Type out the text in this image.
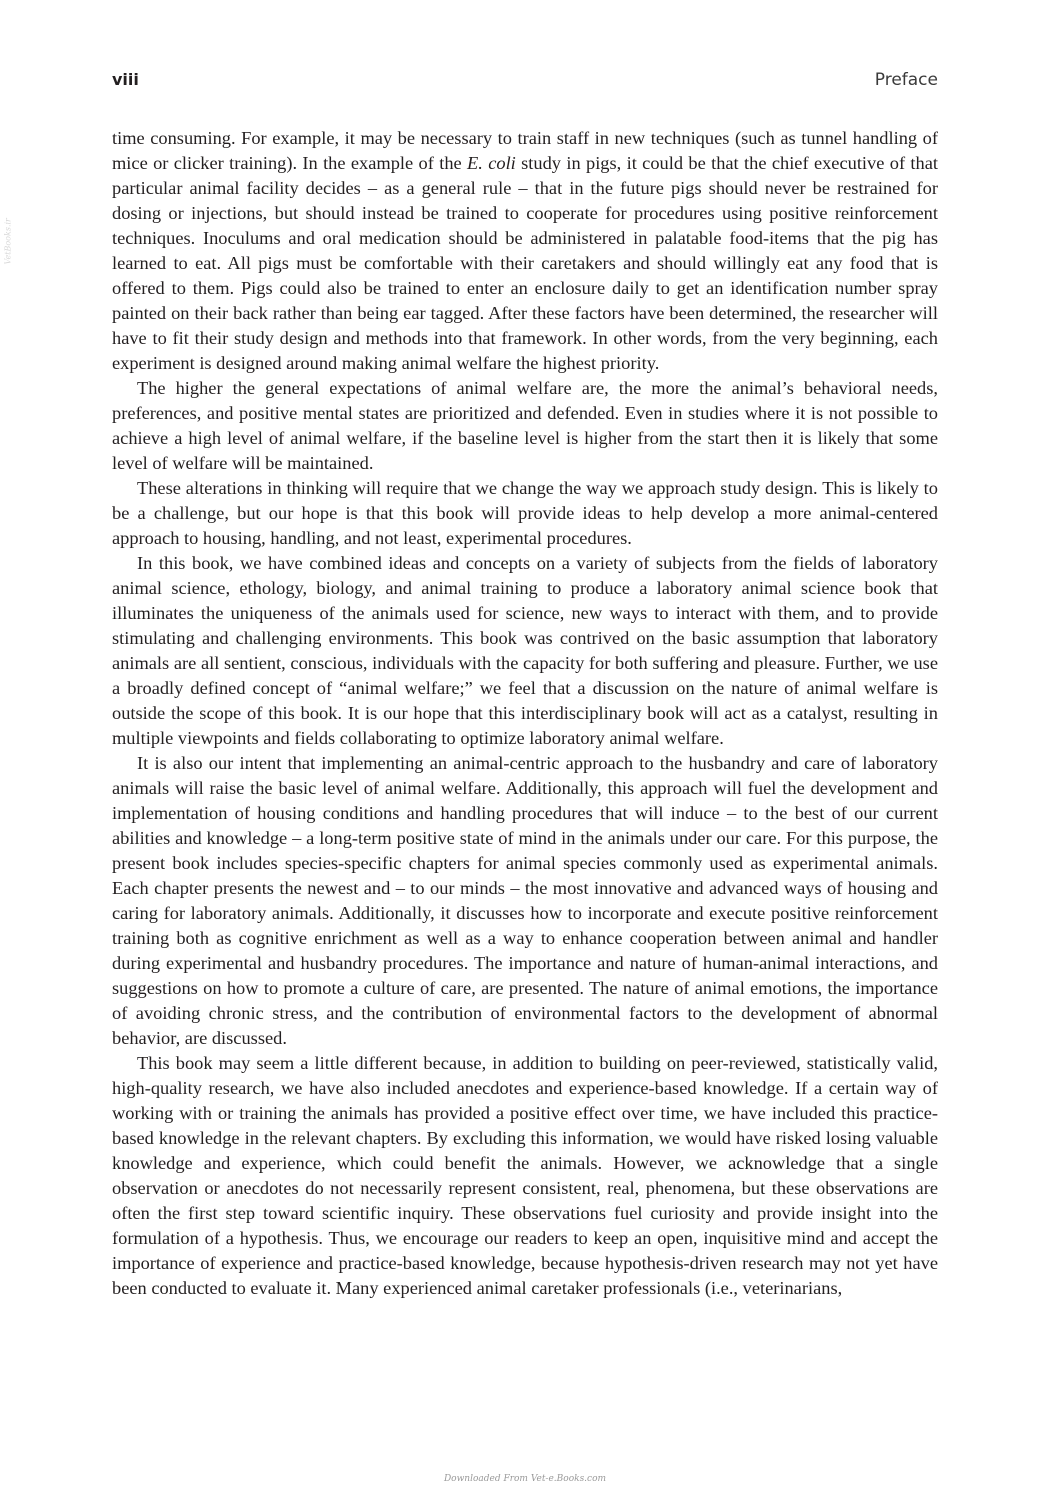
viii	Preface
VetBooks.ir

time consuming. For example, it may be necessary to train staff in new techniques (such as tunnel handling of mice or clicker training). In the example of the E. coli study in pigs, it could be that the chief executive of that particular animal facility decides – as a general rule – that in the future pigs should never be restrained for dosing or injections, but should instead be trained to cooperate for procedures using positive reinforcement techniques. Inoculums and oral medication should be administered in palatable food-items that the pig has learned to eat. All pigs must be comfortable with their caretakers and should willingly eat any food that is offered to them. Pigs could also be trained to enter an enclosure daily to get an identification number spray painted on their back rather than being ear tagged. After these factors have been determined, the researcher will have to fit their study design and methods into that framework. In other words, from the very beginning, each experiment is designed around making animal welfare the highest priority.

The higher the general expectations of animal welfare are, the more the animal’s behavioral needs, preferences, and positive mental states are prioritized and defended. Even in studies where it is not possible to achieve a high level of animal welfare, if the baseline level is higher from the start then it is likely that some level of welfare will be maintained.

These alterations in thinking will require that we change the way we approach study design. This is likely to be a challenge, but our hope is that this book will provide ideas to help develop a more animal-centered approach to housing, handling, and not least, experimental procedures.

In this book, we have combined ideas and concepts on a variety of subjects from the fields of laboratory animal science, ethology, biology, and animal training to produce a laboratory animal science book that illuminates the uniqueness of the animals used for science, new ways to interact with them, and to provide stimulating and challenging environments. This book was contrived on the basic assumption that laboratory animals are all sentient, conscious, individuals with the capacity for both suffering and pleasure. Further, we use a broadly defined concept of “animal welfare;” we feel that a discussion on the nature of animal welfare is outside the scope of this book. It is our hope that this interdisciplinary book will act as a catalyst, resulting in multiple viewpoints and fields collaborating to optimize laboratory animal welfare.

It is also our intent that implementing an animal-centric approach to the husbandry and care of laboratory animals will raise the basic level of animal welfare. Additionally, this approach will fuel the development and implementation of housing conditions and handling procedures that will induce – to the best of our current abilities and knowledge – a long-term positive state of mind in the animals under our care. For this purpose, the present book includes species-specific chapters for animal species commonly used as experimental animals. Each chapter presents the newest and – to our minds – the most innovative and advanced ways of housing and caring for laboratory animals. Additionally, it discusses how to incorporate and execute positive reinforcement training both as cognitive enrichment as well as a way to enhance cooperation between animal and handler during experimental and husbandry procedures. The importance and nature of human-animal interactions, and suggestions on how to promote a culture of care, are presented. The nature of animal emotions, the importance of avoiding chronic stress, and the contribution of environmental factors to the development of abnormal behavior, are discussed.

This book may seem a little different because, in addition to building on peer-reviewed, statistically valid, high-quality research, we have also included anecdotes and experience-based knowledge. If a certain way of working with or training the animals has provided a positive effect over time, we have included this practice-based knowledge in the relevant chapters. By excluding this information, we would have risked losing valuable knowledge and experience, which could benefit the animals. However, we acknowledge that a single observation or anecdotes do not necessarily represent consistent, real, phenomena, but these observations are often the first step toward scientific inquiry. These observations fuel curiosity and provide insight into the formulation of a hypothesis. Thus, we encourage our readers to keep an open, inquisitive mind and accept the importance of experience and practice-based knowledge, because hypothesis-driven research may not yet have been conducted to evaluate it. Many experienced animal caretaker professionals (i.e., veterinarians,

Downloaded From Vet-e.Books.com
